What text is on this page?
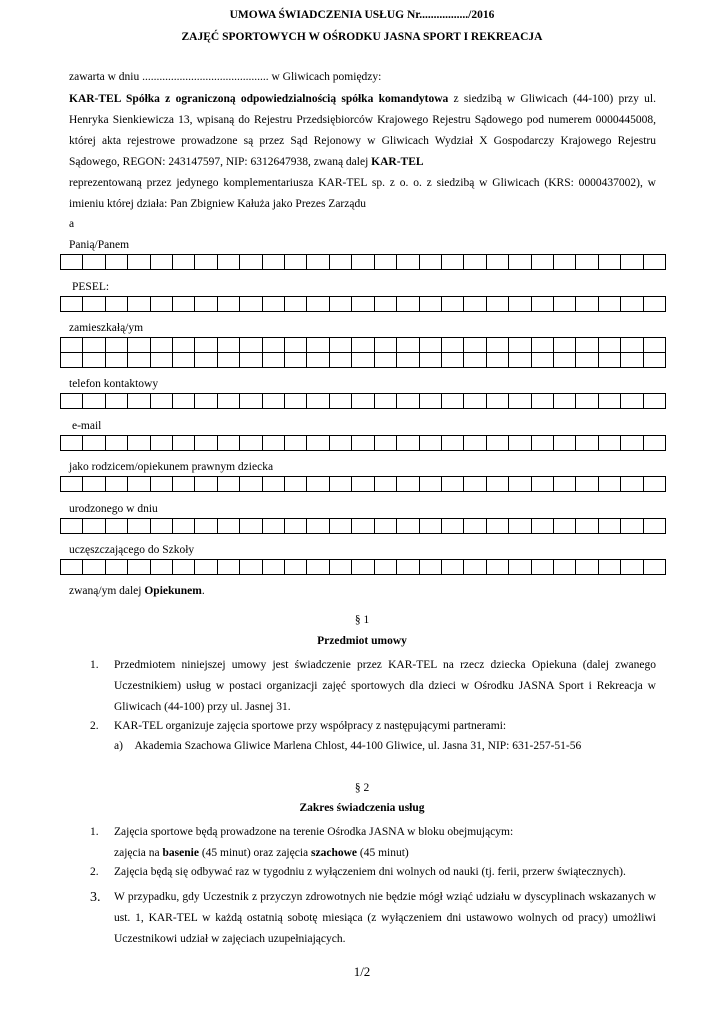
UMOWA ŚWIADCZENIA USŁUG Nr................./2016
ZAJĘĆ SPORTOWYCH W OŚRODKU JASNA SPORT I REKREACJA
zawarta w dniu ............................................ w Gliwicach pomiędzy:
KAR-TEL Spółka z ograniczoną odpowiedzialnością spółka komandytowa z siedzibą w Gliwicach (44-100) przy ul. Henryka Sienkiewicza 13, wpisaną do Rejestru Przedsiębiorców Krajowego Rejestru Sądowego pod numerem 0000445008, której akta rejestrowe prowadzone są przez Sąd Rejonowy w Gliwicach Wydział X Gospodarczy Krajowego Rejestru Sądowego, REGON: 243147597, NIP: 6312647938, zwaną dalej KAR-TEL
reprezentowaną przez jedynego komplementariusza KAR-TEL sp. z o. o. z siedzibą w Gliwicach (KRS: 0000437002), w imieniu której działa: Pan Zbigniew Kałuża jako Prezes Zarządu
a
Panią/Panem
PESEL:
zamieszkałą/ym
telefon kontaktowy
e-mail
jako rodzicem/opiekunem prawnym dziecka
urodzonego w dniu
uczęszczającego do Szkoły
zwaną/ym dalej Opiekunem.
§ 1
Przedmiot umowy
1. Przedmiotem niniejszej umowy jest świadczenie przez KAR-TEL na rzecz dziecka Opiekuna (dalej zwanego Uczestnikiem) usług w postaci organizacji zajęć sportowych dla dzieci w Ośrodku JASNA Sport i Rekreacja w Gliwicach (44-100) przy ul. Jasnej 31.
2. KAR-TEL organizuje zajęcia sportowe przy współpracy z następującymi partnerami:
a) Akademia Szachowa Gliwice Marlena Chlost, 44-100 Gliwice, ul. Jasna 31, NIP: 631-257-51-56
§ 2
Zakres świadczenia usług
1. Zajęcia sportowe będą prowadzone na terenie Ośrodka JASNA w bloku obejmującym:
zajęcia na basenie (45 minut) oraz zajęcia szachowe (45 minut)
2. Zajęcia będą się odbywać raz w tygodniu z wyłączeniem dni wolnych od nauki (tj. ferii, przerw świątecznych).
3. W przypadku, gdy Uczestnik z przyczyn zdrowotnych nie będzie mógł wziąć udziału w dyscyplinach wskazanych w ust. 1, KAR-TEL w każdą ostatnią sobotę miesiąca (z wyłączeniem dni ustawowo wolnych od pracy) umożliwi Uczestnikowi udział w zajęciach uzupełniających.
1/2
